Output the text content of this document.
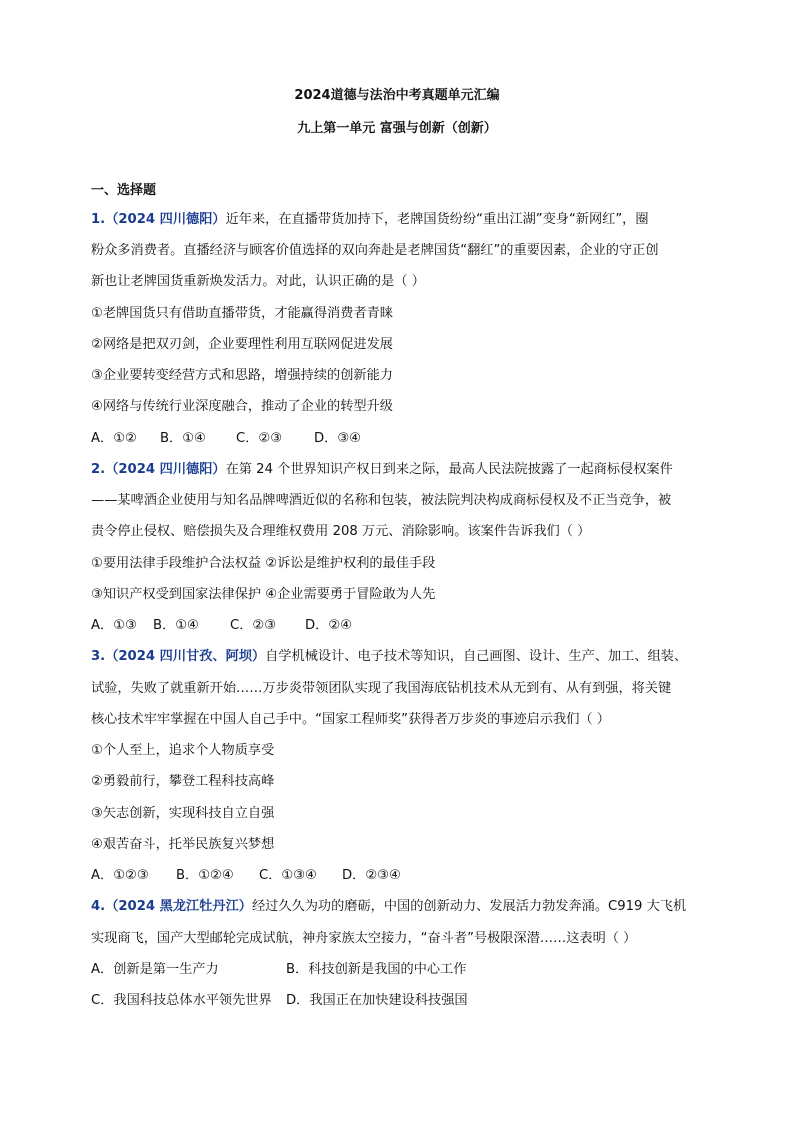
2024道德与法治中考真题单元汇编
九上第一单元 富强与创新（创新）
一、选择题
1.（2024 四川德阳）近年来，在直播带货加持下，老牌国货纷纷“重出江湖”变身“新网红”，圈
粉众多消费者。直播经济与顾客价值选择的双向奔赴是老牌国货“翻红”的重要因素，企业的守正创
新也让老牌国货重新焕发活力。对此，认识正确的是（ ）
①老牌国货只有借助直播带货，才能赢得消费者青睐
②网络是把双刃剑，企业要理性利用互联网促进发展
③企业要转变经营方式和思路，增强持续的创新能力
④网络与传统行业深度融合，推动了企业的转型升级
A．①② B．①④ C．②③ D．③④
2.（2024 四川德阳）在第 24 个世界知识产权日到来之际，最高人民法院披露了一起商标侵权案件
——某啤酒企业使用与知名品牌啤酒近似的名称和包装，被法院判决构成商标侵权及不正当竞争，被
责令停止侵权、赔偿损失及合理维权费用 208 万元、消除影响。该案件告诉我们（ ）
①要用法律手段维护合法权益 ②诉讼是维护权利的最佳手段
③知识产权受到国家法律保护 ④企业需要勇于冒险敢为人先
A．①③ B．①④ C．②③ D．②④
3.（2024 四川甘孜、阿坝）自学机械设计、电子技术等知识，自己画图、设计、生产、加工、组装、
试验，失败了就重新开始……万步炎带领团队实现了我国海底钻机技术从无到有、从有到强，将关键
核心技术牢牢掌握在中国人自己手中。“国家工程师奖”获得者万步炎的事迹启示我们（ ）
①个人至上，追求个人物质享受
②勇毅前行，攀登工程科技高峰
③矢志创新，实现科技自立自强
④艰苦奋斗，托举民族复兴梦想
A．①②③ B．①②④ C．①③④ D．②③④
4.（2024 黑龙江牡丹江）经过久久为功的磨砺，中国的创新动力、发展活力勃发奔涌。C919 大飞机
实现商飞，国产大型邮轮完成试航，神舟家族太空接力，“奋斗者”号极限深潜……这表明（ ）
A．创新是第一生产力	B．科技创新是我国的中心工作
C．我国科技总体水平领先世界 D．我国正在加快建设科技强国
